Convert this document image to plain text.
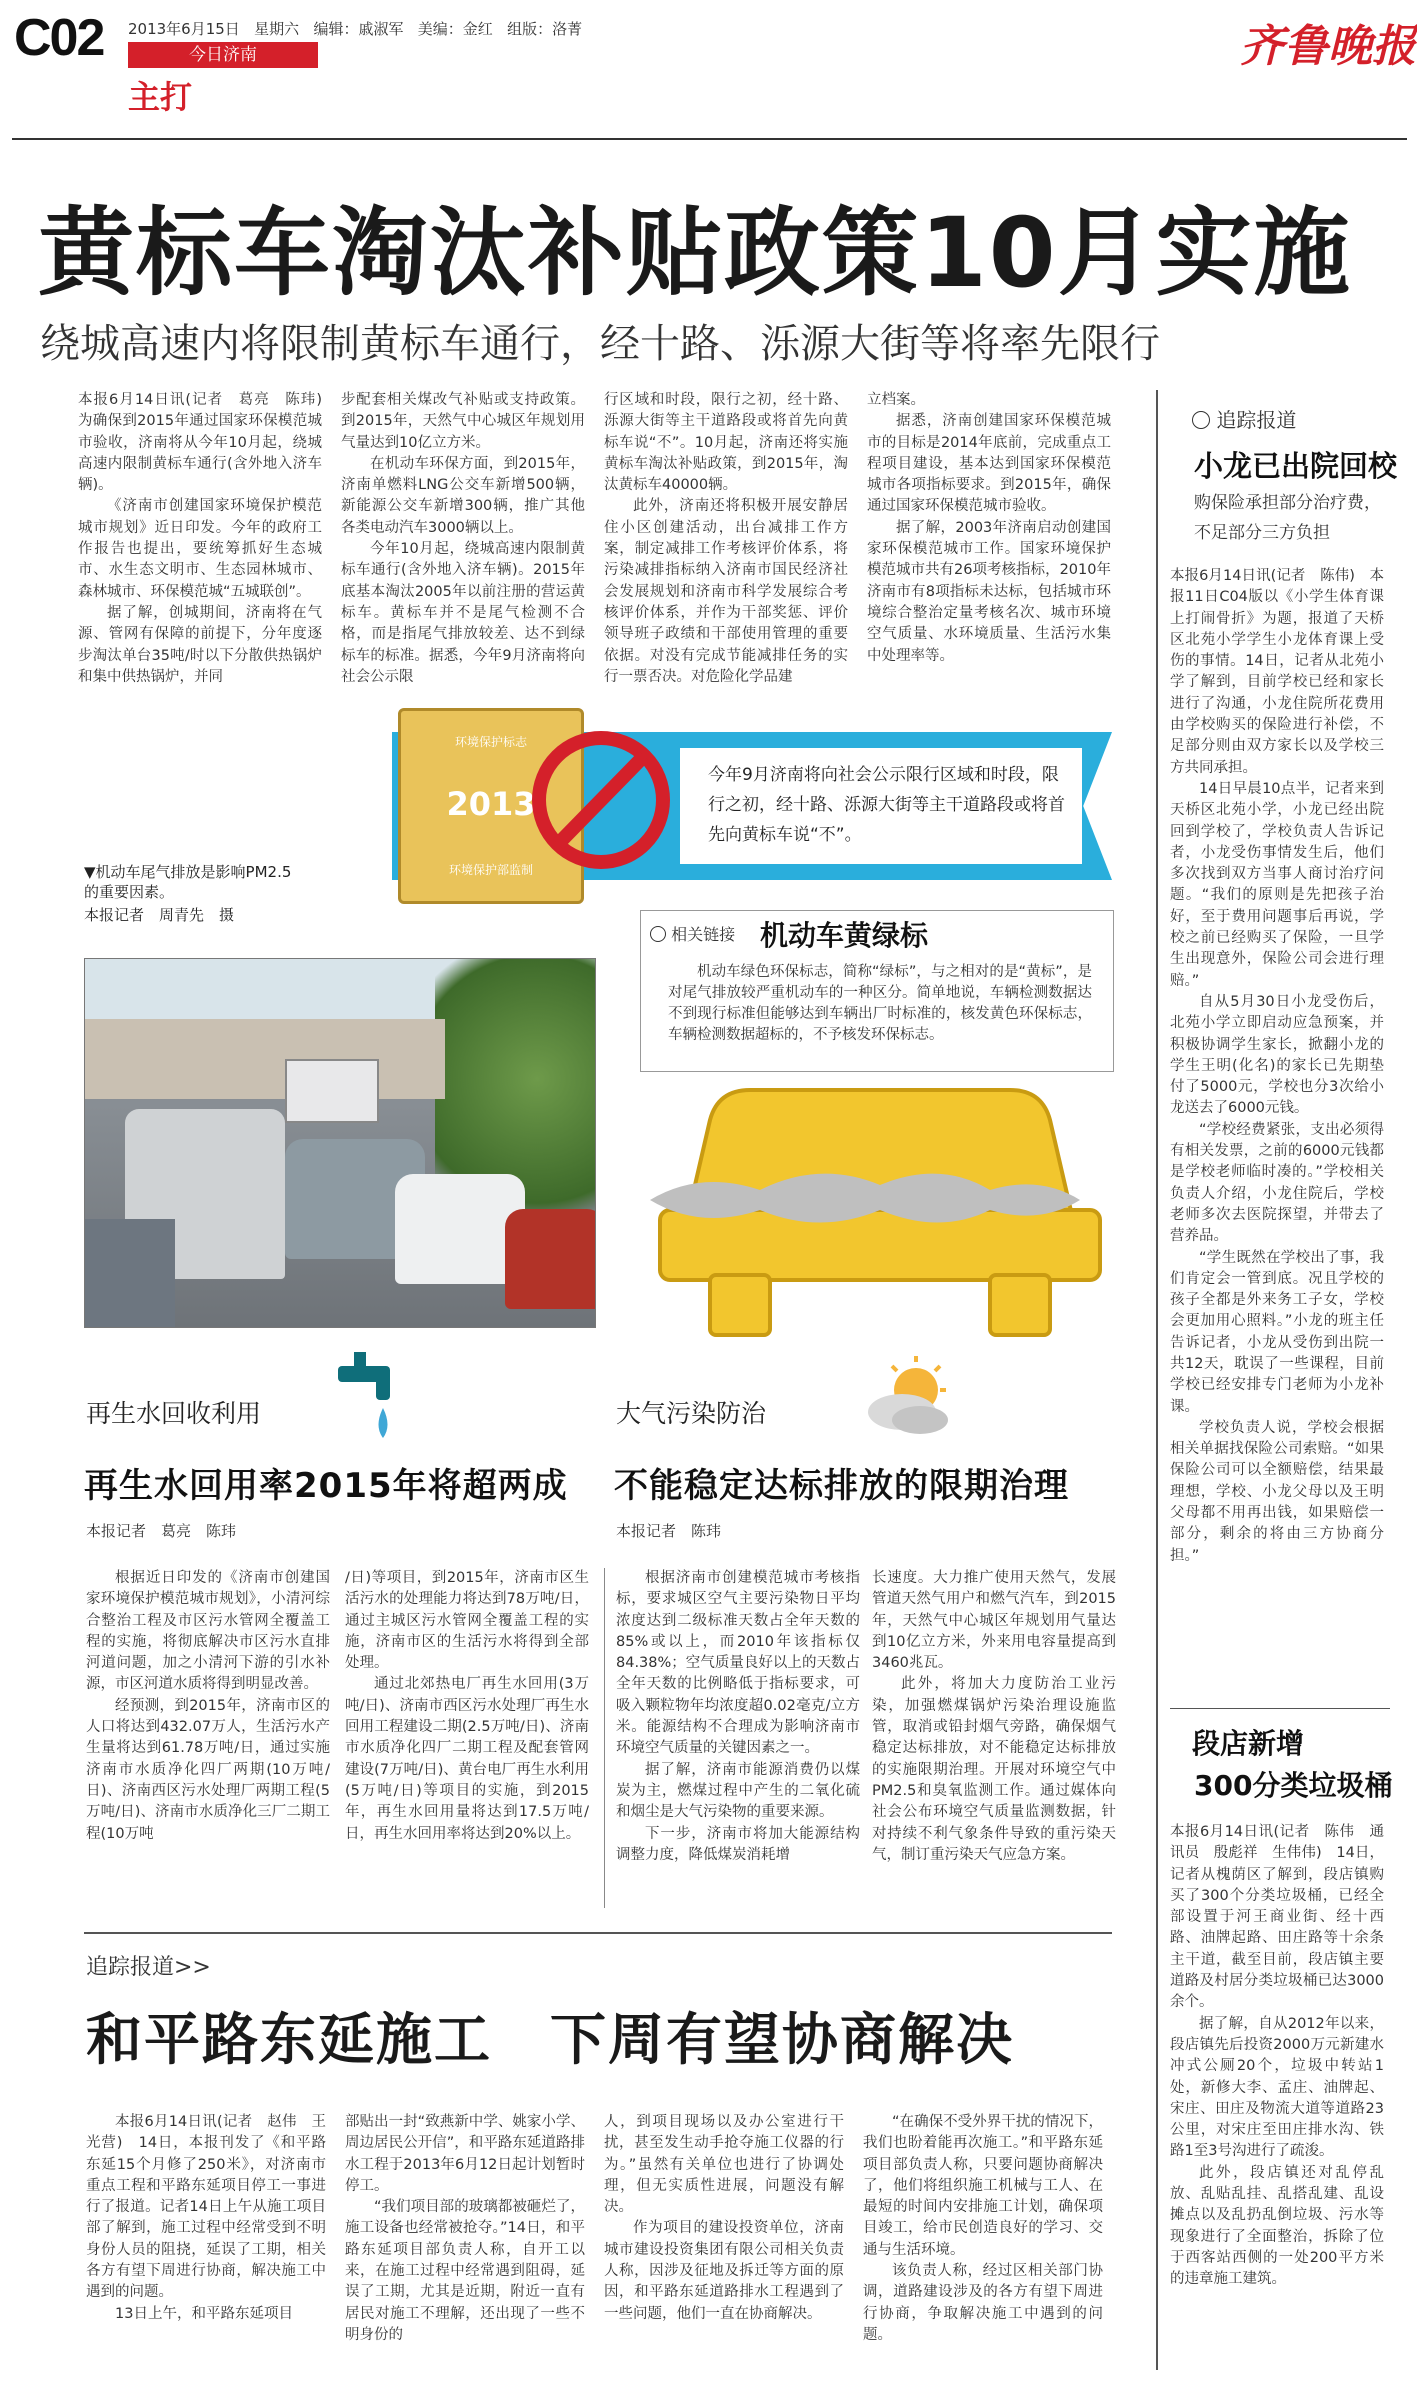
C02 2013年6月15日 星期六 编辑：戚淑军 美编：金红 组版：洛菁
今日济南
主打
齐鲁晚报
黄标车淘汰补贴政策10月实施
绕城高速内将限制黄标车通行，经十路、泺源大街等将率先限行

本报6月14日讯(记者　葛亮　陈玮)　为确保到2015年通过国家环保模范城市验收，济南将从今年10月起，绕城高速内限制黄标车通行(含外地入济车辆)。

《济南市创建国家环境保护模范城市规划》近日印发。今年的政府工作报告也提出，要统筹抓好生态城市、水生态文明市、生态园林城市、森林城市、环保模范城“五城联创”。

据了解，创城期间，济南将在气源、管网有保障的前提下，分年度逐步淘汰单台35吨/时以下分散供热锅炉和集中供热锅炉，并同

步配套相关煤改气补贴或支持政策。到2015年，天然气中心城区年规划用气量达到10亿立方米。

在机动车环保方面，到2015年，济南单燃料LNG公交车新增500辆，新能源公交车新增300辆，推广其他各类电动汽车3000辆以上。

今年10月起，绕城高速内限制黄标车通行(含外地入济车辆)。2015年底基本淘汰2005年以前注册的营运黄标车。黄标车并不是尾气检测不合格，而是指尾气排放较差、达不到绿标车的标准。据悉，今年9月济南将向社会公示限

行区域和时段，限行之初，经十路、泺源大街等主干道路段或将首先向黄标车说“不”。10月起，济南还将实施黄标车淘汰补贴政策，到2015年，淘汰黄标车40000辆。

此外，济南还将积极开展安静居住小区创建活动，出台减排工作方案，制定减排工作考核评价体系，将污染减排指标纳入济南市国民经济社会发展规划和济南市科学发展综合考核评价体系，并作为干部奖惩、评价领导班子政绩和干部使用管理的重要依据。对没有完成节能减排任务的实行一票否决。对危险化学品建

立档案。

据悉，济南创建国家环保模范城市的目标是2014年底前，完成重点工程项目建设，基本达到国家环保模范城市各项指标要求。到2015年，确保通过国家环保模范城市验收。

据了解，2003年济南启动创建国家环保模范城市工作。国家环境保护模范城市共有26项考核指标，2010年济南市有8项指标未达标，包括城市环境综合整治定量考核名次、城市环境空气质量、水环境质量、生活污水集中处理率等。

今年9月济南将向社会公示限行区域和时段，限行之初，经十路、泺源大街等主干道路段或将首先向黄标车说“不”。
环境保护标志
2013
环境保护部监制
▼机动车尾气排放是影响PM2.5的重要因素。
本报记者　周青先　摄
相关链接 机动车黄绿标
机动车绿色环保标志，简称“绿标”，与之相对的是“黄标”，是对尾气排放较严重机动车的一种区分。简单地说，车辆检测数据达不到现行标准但能够达到车辆出厂时标准的，核发黄色环保标志，车辆检测数据超标的，不予核发环保标志。
再生水回收利用	大气污染防治
再生水回用率2015年将超两成
本报记者　葛亮　陈玮
不能稳定达标排放的限期治理
本报记者　陈玮

根据近日印发的《济南市创建国家环境保护模范城市规划》，小清河综合整治工程及市区污水管网全覆盖工程的实施，将彻底解决市区污水直排河道问题，加之小清河下游的引水补源，市区河道水质将得到明显改善。

经预测，到2015年，济南市区的人口将达到432.07万人，生活污水产生量将达到61.78万吨/日，通过实施济南市水质净化四厂两期(10万吨/日)、济南西区污水处理厂两期工程(5万吨/日)、济南市水质净化三厂二期工程(10万吨

/日)等项目，到2015年，济南市区生活污水的处理能力将达到78万吨/日，通过主城区污水管网全覆盖工程的实施，济南市区的生活污水将得到全部处理。

通过北郊热电厂再生水回用(3万吨/日)、济南市西区污水处理厂再生水回用工程建设二期(2.5万吨/日)、济南市水质净化四厂二期工程及配套管网建设(7万吨/日)、黄台电厂再生水利用(5万吨/日)等项目的实施，到2015年，再生水回用量将达到17.5万吨/日，再生水回用率将达到20%以上。

根据济南市创建模范城市考核指标，要求城区空气主要污染物日平均浓度达到二级标准天数占全年天数的85%或以上，而2010年该指标仅84.38%；空气质量良好以上的天数占全年天数的比例略低于指标要求，可吸入颗粒物年均浓度超0.02毫克/立方米。能源结构不合理成为影响济南市环境空气质量的关键因素之一。

据了解，济南市能源消费仍以煤炭为主，燃煤过程中产生的二氧化硫和烟尘是大气污染物的重要来源。

下一步，济南市将加大能源结构调整力度，降低煤炭消耗增

长速度。大力推广使用天然气，发展管道天然气用户和燃气汽车，到2015年，天然气中心城区年规划用气量达到10亿立方米，外来用电容量提高到3460兆瓦。

此外，将加大力度防治工业污染，加强燃煤锅炉污染治理设施监管，取消或铅封烟气旁路，确保烟气稳定达标排放，对不能稳定达标排放的实施限期治理。开展对环境空气中PM2.5和臭氧监测工作。通过媒体向社会公布环境空气质量监测数据，针对持续不利气象条件导致的重污染天气，制订重污染天气应急方案。

追踪报道>>
和平路东延施工　下周有望协商解决

本报6月14日讯(记者　赵伟　王光营)　14日，本报刊发了《和平路东延15个月修了250米》，对济南市重点工程和平路东延项目停工一事进行了报道。记者14日上午从施工项目部了解到，施工过程中经常受到不明身份人员的阻挠，延误了工期，相关各方有望下周进行协商，解决施工中遇到的问题。

13日上午，和平路东延项目

部贴出一封“致燕新中学、姚家小学、周边居民公开信”，和平路东延道路排水工程于2013年6月12日起计划暂时停工。

“我们项目部的玻璃都被砸烂了，施工设备也经常被抢夺。”14日，和平路东延项目部负责人称，自开工以来，在施工过程中经常遇到阻碍，延误了工期，尤其是近期，附近一直有居民对施工不理解，还出现了一些不明身份的

人，到项目现场以及办公室进行干扰，甚至发生动手抢夺施工仪器的行为。”虽然有关单位也进行了协调处理，但无实质性进展，问题没有解决。

作为项目的建设投资单位，济南城市建设投资集团有限公司相关负责人称，因涉及征地及拆迁等方面的原因，和平路东延道路排水工程遇到了一些问题，他们一直在协商解决。

“在确保不受外界干扰的情况下，我们也盼着能再次施工。”和平路东延项目部负责人称，只要问题协商解决了，他们将组织施工机械与工人、在最短的时间内安排施工计划，确保项目竣工，给市民创造良好的学习、交通与生活环境。

该负责人称，经过区相关部门协调，道路建设涉及的各方有望下周进行协商，争取解决施工中遇到的问题。

追踪报道
小龙已出院回校
购保险承担部分治疗费，不足部分三方负担

本报6月14日讯(记者　陈伟)　本报11日C04版以《小学生体育课上打闹骨折》为题，报道了天桥区北苑小学学生小龙体育课上受伤的事情。14日，记者从北苑小学了解到，目前学校已经和家长进行了沟通，小龙住院所花费用由学校购买的保险进行补偿，不足部分则由双方家长以及学校三方共同承担。

14日早晨10点半，记者来到天桥区北苑小学，小龙已经出院回到学校了，学校负责人告诉记者，小龙受伤事情发生后，他们多次找到双方当事人商讨治疗问题。“我们的原则是先把孩子治好，至于费用问题事后再说，学校之前已经购买了保险，一旦学生出现意外，保险公司会进行理赔。”

自从5月30日小龙受伤后，北苑小学立即启动应急预案，并积极协调学生家长，掀翻小龙的学生王明(化名)的家长已先期垫付了5000元，学校也分3次给小龙送去了6000元钱。

“学校经费紧张，支出必须得有相关发票，之前的6000元钱都是学校老师临时凑的。”学校相关负责人介绍，小龙住院后，学校老师多次去医院探望，并带去了营养品。

“学生既然在学校出了事，我们肯定会一管到底。况且学校的孩子全都是外来务工子女，学校会更加用心照料。”小龙的班主任告诉记者，小龙从受伤到出院一共12天，耽误了一些课程，目前学校已经安排专门老师为小龙补课。

学校负责人说，学校会根据相关单据找保险公司索赔。“如果保险公司可以全额赔偿，结果最理想，学校、小龙父母以及王明父母都不用再出钱，如果赔偿一部分，剩余的将由三方协商分担。”

段店新增
300分类垃圾桶

本报6月14日讯(记者　陈伟　通讯员　殷彪祥　生伟伟)　14日，记者从槐荫区了解到，段店镇购买了300个分类垃圾桶，已经全部设置于河王商业街、经十西路、油牌起路、田庄路等十余条主干道，截至目前，段店镇主要道路及村居分类垃圾桶已达3000余个。

据了解，自从2012年以来，段店镇先后投资2000万元新建水冲式公厕20个，垃圾中转站1处，新修大李、孟庄、油牌起、宋庄、田庄及物流大道等道路23公里，对宋庄至田庄排水沟、铁路1至3号沟进行了疏浚。

此外，段店镇还对乱停乱放、乱贴乱挂、乱搭乱建、乱设摊点以及乱扔乱倒垃圾、污水等现象进行了全面整治，拆除了位于西客站西侧的一处200平方米的违章施工建筑。
